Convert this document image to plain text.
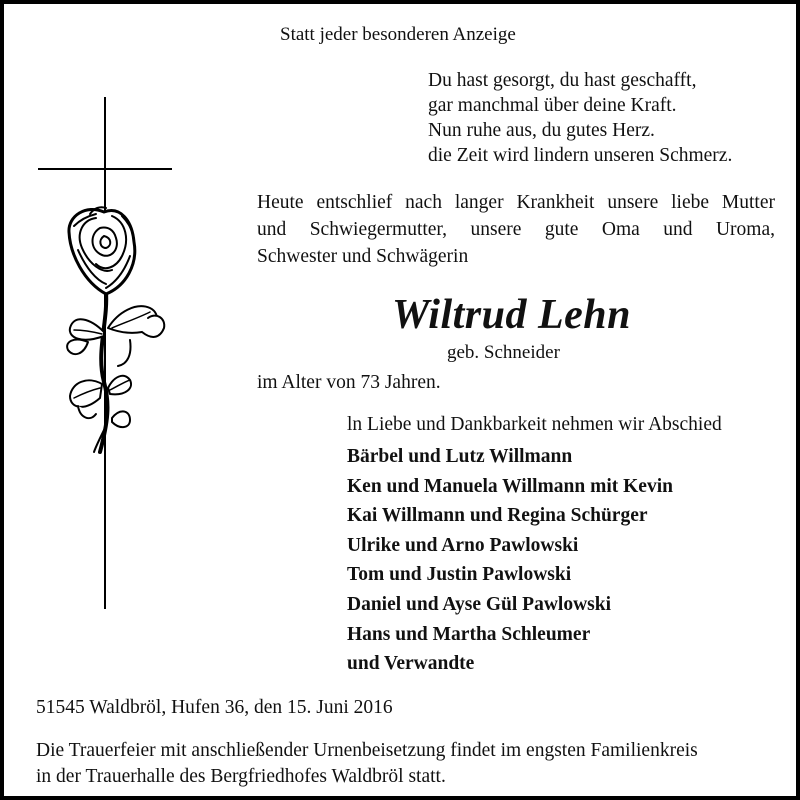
Statt jeder besonderen Anzeige

Du hast gesorgt, du hast geschafft,
gar manchmal über deine Kraft.
Nun ruhe aus, du gutes Herz.
die Zeit wird lindern unseren Schmerz.
Heute entschlief nach langer Krankheit unsere liebe Mutter
und Schwiegermutter, unsere gute Oma und Uroma,
Schwester und Schwägerin

Wiltrud Lehn

geb. Schneider

im Alter von 73 Jahren.

ln Liebe und Dankbarkeit nehmen wir Abschied

Bärbel und Lutz Willmann
Ken und Manuela Willmann mit Kevin
Kai Willmann und Regina Schürger
Ulrike und Arno Pawlowski
Tom und Justin Pawlowski
Daniel und Ayse Gül Pawlowski
Hans und Martha Schleumer
und Verwandte

51545 Waldbröl, Hufen 36, den 15. Juni 2016

Die Trauerfeier mit anschließender Urnenbeisetzung findet im engsten Familienkreis
in der Trauerhalle des Bergfriedhofes Waldbröl statt.
